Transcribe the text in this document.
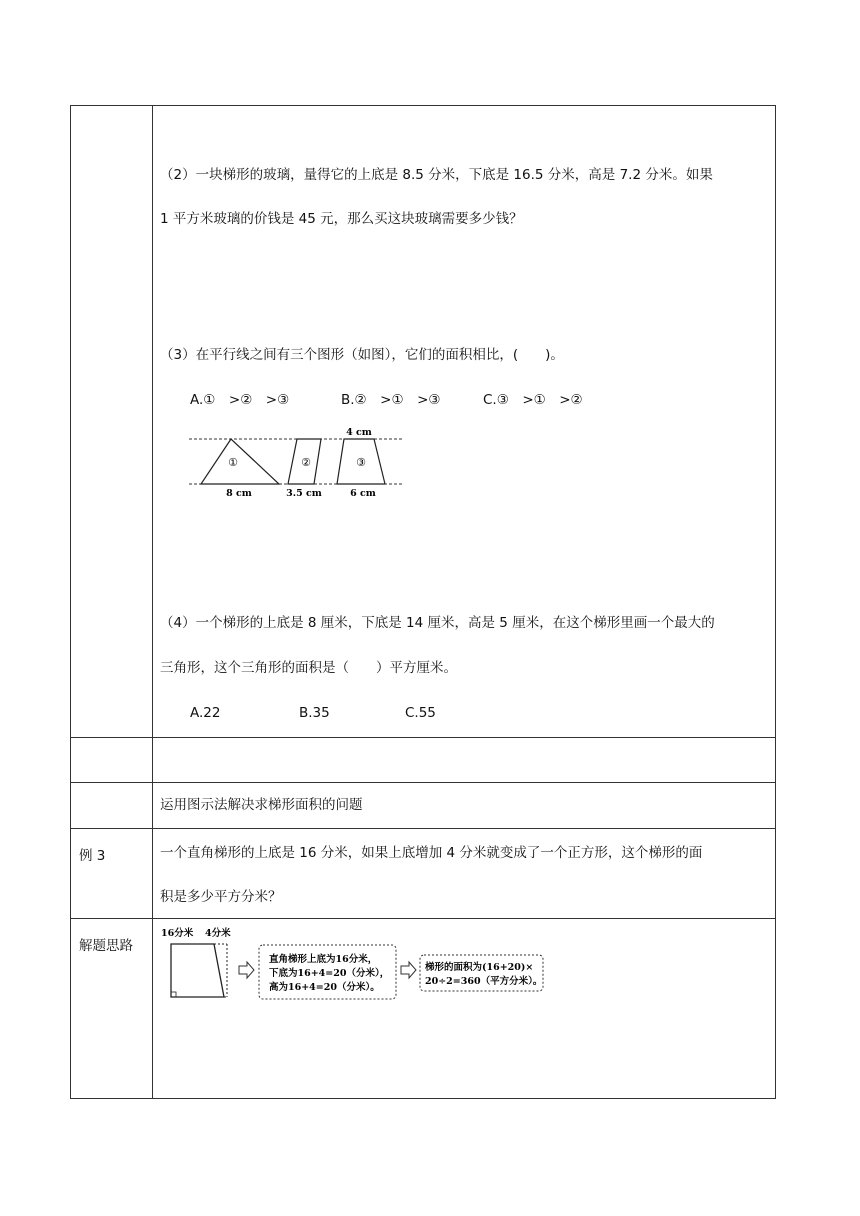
（2）一块梯形的玻璃，量得它的上底是 8.5 分米，下底是 16.5 分米，高是 7.2 分米。如果
1 平方米玻璃的价钱是 45 元，那么买这块玻璃需要多少钱？
（3）在平行线之间有三个图形（如图），它们的面积相比，(　　)。
A.①　>②　>③	B.②　>①　>③	C.③　>①　>②
①	②	③
4 cm
8 cm	3.5 cm	6 cm
（4）一个梯形的上底是 8 厘米，下底是 14 厘米，高是 5 厘米，在这个梯形里画一个最大的
三角形，这个三角形的面积是（　　）平方厘米。
A.22	B.35	C.55
运用图示法解决求梯形面积的问题
例 3	一个直角梯形的上底是 16 分米，如果上底增加 4 分米就变成了一个正方形，这个梯形的面
积是多少平方分米？
解题思路
16分米 4分米
直角梯形上底为16分米，
下底为16+4=20（分米），
高为16+4=20（分米）。
梯形的面积为(16+20)×
20÷2=360（平方分米）。
